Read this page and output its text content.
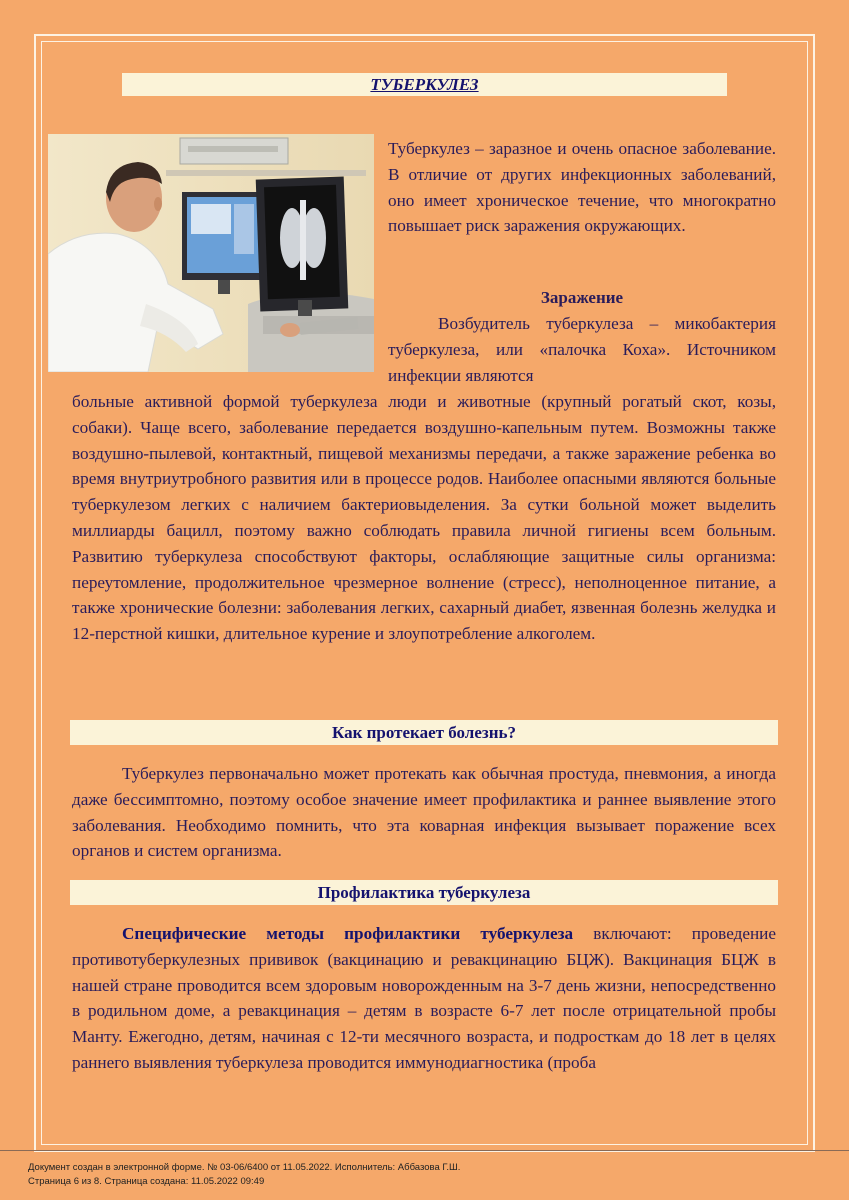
ТУБЕРКУЛЕЗ
Туберкулез – заразное и очень опасное заболевание. В отличие от других инфекционных заболеваний, оно имеет хроническое течение, что многократно повышает риск заражения окружающих.
Заражение
Возбудитель туберкулеза – микобактерия туберкулеза, или «палочка Коха». Источником инфекции являются
больные активной формой туберкулеза люди и животные (крупный рогатый скот, козы, собаки). Чаще всего, заболевание передается воздушно-капельным путем. Возможны также воздушно-пылевой, контактный, пищевой механизмы передачи, а также заражение ребенка во время внутриутробного развития или в процессе родов. Наиболее опасными являются больные туберкулезом легких с наличием бактериовыделения. За сутки больной может выделить миллиарды бацилл, поэтому важно соблюдать правила личной гигиены всем больным. Развитию туберкулеза способствуют факторы, ослабляющие защитные силы организма: переутомление, продолжительное чрезмерное волнение (стресс), неполноценное питание, а также хронические болезни: заболевания легких, сахарный диабет, язвенная болезнь желудка и 12-перстной кишки, длительное курение и злоупотребление алкоголем.
Как протекает болезнь?
Туберкулез первоначально может протекать как обычная простуда, пневмония, а иногда даже бессимптомно, поэтому особое значение имеет профилактика и раннее выявление этого заболевания. Необходимо помнить, что эта коварная инфекция вызывает поражение всех органов и систем организма.
Профилактика туберкулеза
Специфические методы профилактики туберкулеза включают: проведение противотуберкулезных прививок (вакцинацию и ревакцинацию БЦЖ). Вакцинация БЦЖ в нашей стране проводится всем здоровым новорожденным на 3-7 день жизни, непосредственно в родильном доме, а ревакцинация – детям в возрасте 6-7 лет после отрицательной пробы Манту. Ежегодно, детям, начиная с 12-ти месячного возраста, и подросткам до 18 лет в целях раннего выявления туберкулеза проводится иммунодиагностика (проба
Документ создан в электронной форме. № 03-06/6400 от 11.05.2022. Исполнитель: Аббазова Г.Ш.
Страница 6 из 8. Страница создана: 11.05.2022 09:49
